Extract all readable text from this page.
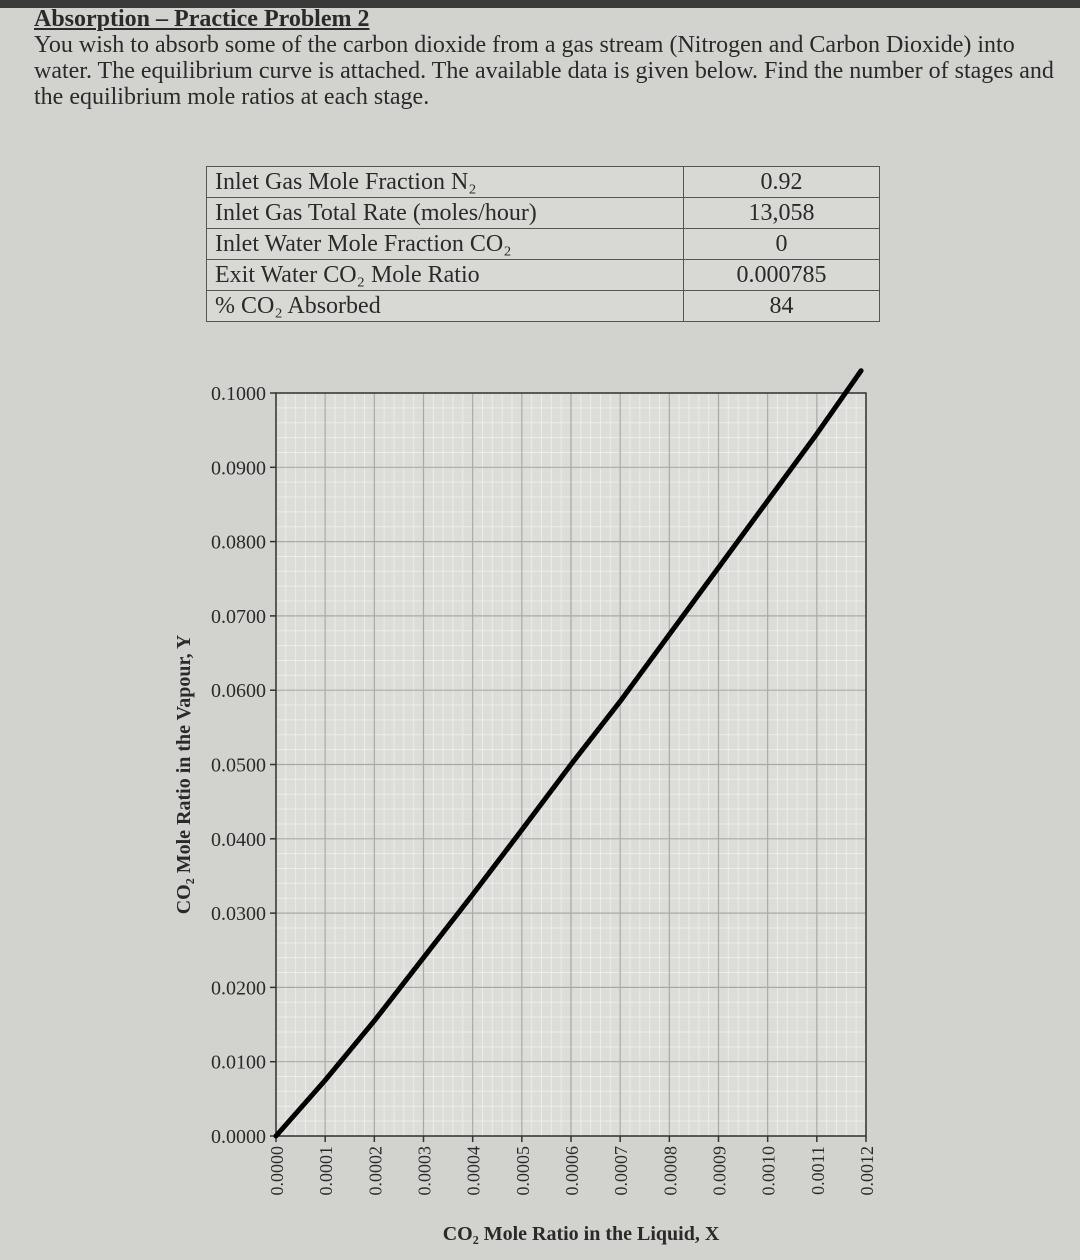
Absorption – Practice Problem 2
You wish to absorb some of the carbon dioxide from a gas stream (Nitrogen and Carbon Dioxide) into water. The equilibrium curve is attached. The available data is given below. Find the number of stages and the equilibrium mole ratios at each stage.
Inlet Gas Mole Fraction N₂	0.92
Inlet Gas Total Rate (moles/hour)	13,058
Inlet Water Mole Fraction CO₂	0
Exit Water CO₂ Mole Ratio	0.000785
% CO₂ Absorbed	84
0.0000
0.0100
0.0200
0.0300
0.0400
0.0500
0.0600
0.0700
0.0800
0.0900
0.1000
0.0000 0.0001 0.0002 0.0003 0.0004 0.0005 0.0006 0.0007 0.0008 0.0009 0.0010 0.0011 0.0012
CO₂ Mole Ratio in the Liquid, X
CO₂ Mole Ratio in the Vapour, Y
